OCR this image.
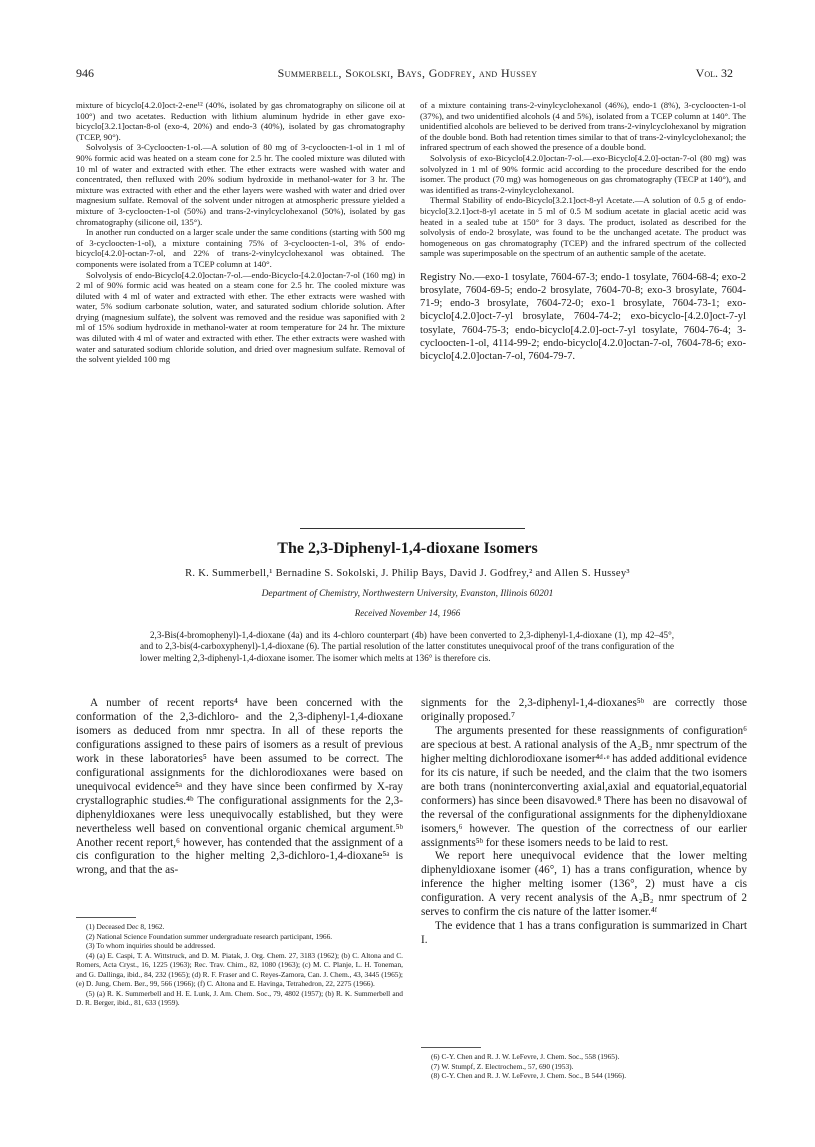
946	Summerbell, Sokolski, Bays, Godfrey, and Hussey	Vol. 32

mixture of bicyclo[4.2.0]oct-2-ene¹² (40%, isolated by gas chromatography on silicone oil at 100°) and two acetates. Reduction with lithium aluminum hydride in ether gave exo-bicyclo[3.2.1]octan-8-ol (exo-4, 20%) and endo-3 (40%), isolated by gas chromatography (TCEP, 90°).

Solvolysis of 3-Cycloocten-1-ol.—A solution of 80 mg of 3-cycloocten-1-ol in 1 ml of 90% formic acid was heated on a steam cone for 2.5 hr. The cooled mixture was diluted with 10 ml of water and extracted with ether. The ether extracts were washed with water and concentrated, then refluxed with 20% sodium hydroxide in methanol-water for 3 hr. The mixture was extracted with ether and the ether layers were washed with water and dried over magnesium sulfate. Removal of the solvent under nitrogen at atmospheric pressure yielded a mixture of 3-cycloocten-1-ol (50%) and trans-2-vinylcyclohexanol (50%), isolated by gas chromatography (silicone oil, 135°).

In another run conducted on a larger scale under the same conditions (starting with 500 mg of 3-cycloocten-1-ol), a mixture containing 75% of 3-cycloocten-1-ol, 3% of endo-bicyclo[4.2.0]-octan-7-ol, and 22% of trans-2-vinylcyclohexanol was obtained. The components were isolated from a TCEP column at 140°.

Solvolysis of endo-Bicyclo[4.2.0]octan-7-ol.—endo-Bicyclo-[4.2.0]octan-7-ol (160 mg) in 2 ml of 90% formic acid was heated on a steam cone for 2.5 hr. The cooled mixture was diluted with 4 ml of water and extracted with ether. The ether extracts were washed with water, 5% sodium carbonate solution, water, and saturated sodium chloride solution. After drying (magnesium sulfate), the solvent was removed and the residue was saponified with 2 ml of 15% sodium hydroxide in methanol-water at room temperature for 24 hr. The mixture was diluted with 4 ml of water and extracted with ether. The ether extracts were washed with water and saturated sodium chloride solution, and dried over magnesium sulfate. Removal of the solvent yielded 100 mg

of a mixture containing trans-2-vinylcyclohexanol (46%), endo-1 (8%), 3-cycloocten-1-ol (37%), and two unidentified alcohols (4 and 5%), isolated from a TCEP column at 140°. The unidentified alcohols are believed to be derived from trans-2-vinylcyclohexanol by migration of the double bond. Both had retention times similar to that of trans-2-vinylcyclohexanol; the infrared spectrum of each showed the presence of a double bond.

Solvolysis of exo-Bicyclo[4.2.0]octan-7-ol.—exo-Bicyclo[4.2.0]-octan-7-ol (80 mg) was solvolyzed in 1 ml of 90% formic acid according to the procedure described for the endo isomer. The product (70 mg) was homogeneous on gas chromatography (TECP at 140°), and was identified as trans-2-vinylcyclohexanol.

Thermal Stability of endo-Bicyclo[3.2.1]oct-8-yl Acetate.—A solution of 0.5 g of endo-bicyclo[3.2.1]oct-8-yl acetate in 5 ml of 0.5 M sodium acetate in glacial acetic acid was heated in a sealed tube at 150° for 3 days. The product, isolated as described for the solvolysis of endo-2 brosylate, was found to be the unchanged acetate. The product was homogeneous on gas chromatography (TCEP) and the infrared spectrum of the collected sample was superimposable on the spectrum of an authentic sample of the acetate.

Registry No.—exo-1 tosylate, 7604-67-3; endo-1 tosylate, 7604-68-4; exo-2 brosylate, 7604-69-5; endo-2 brosylate, 7604-70-8; exo-3 brosylate, 7604-71-9; endo-3 brosylate, 7604-72-0; exo-1 brosylate, 7604-73-1; exo-bicyclo[4.2.0]oct-7-yl brosylate, 7604-74-2; exo-bicyclo-[4.2.0]oct-7-yl tosylate, 7604-75-3; endo-bicyclo[4.2.0]-oct-7-yl tosylate, 7604-76-4; 3-cycloocten-1-ol, 4114-99-2; endo-bicyclo[4.2.0]octan-7-ol, 7604-78-6; exo-bicyclo[4.2.0]octan-7-ol, 7604-79-7.

The 2,3-Diphenyl-1,4-dioxane Isomers
R. K. Summerbell,¹ Bernadine S. Sokolski, J. Philip Bays, David J. Godfrey,² and Allen S. Hussey³
Department of Chemistry, Northwestern University, Evanston, Illinois 60201
Received November 14, 1966
2,3-Bis(4-bromophenyl)-1,4-dioxane (4a) and its 4-chloro counterpart (4b) have been converted to 2,3-diphenyl-1,4-dioxane (1), mp 42–45°, and to 2,3-bis(4-carboxyphenyl)-1,4-dioxane (6). The partial resolution of the latter constitutes unequivocal proof of the trans configuration of the lower melting 2,3-diphenyl-1,4-dioxane isomer. The isomer which melts at 136° is therefore cis.

A number of recent reports⁴ have been concerned with the conformation of the 2,3-dichloro- and the 2,3-diphenyl-1,4-dioxane isomers as deduced from nmr spectra. In all of these reports the configurations assigned to these pairs of isomers as a result of previous work in these laboratories⁵ have been assumed to be correct. The configurational assignments for the dichlorodioxanes were based on unequivocal evidence⁵ᵃ and they have since been confirmed by X-ray crystallographic studies.⁴ᵇ The configurational assignments for the 2,3-diphenyldioxanes were less unequivocally established, but they were nevertheless well based on conventional organic chemical argument.⁵ᵇ Another recent report,⁶ however, has contended that the assignment of a cis configuration to the higher melting 2,3-dichloro-1,4-dioxane⁵ᵃ is wrong, and that the as-

signments for the 2,3-diphenyl-1,4-dioxanes⁵ᵇ are correctly those originally proposed.⁷

The arguments presented for these reassignments of configuration⁶ are specious at best. A rational analysis of the A₂B₂ nmr spectrum of the higher melting dichlorodioxane isomer⁴ᵈ·ᵉ has added additional evidence for its cis nature, if such be needed, and the claim that the two isomers are both trans (noninterconverting axial,axial and equatorial,equatorial conformers) has since been disavowed.⁸ There has been no disavowal of the reversal of the configurational assignments for the diphenyldioxane isomers,⁶ however. The question of the correctness of our earlier assignments⁵ᵇ for these isomers needs to be laid to rest.

We report here unequivocal evidence that the lower melting diphenyldioxane isomer (46°, 1) has a trans configuration, whence by inference the higher melting isomer (136°, 2) must have a cis configuration. A very recent analysis of the A₂B₂ nmr spectrum of 2 serves to confirm the cis nature of the latter isomer.⁴ᶠ

The evidence that 1 has a trans configuration is summarized in Chart I.

(1) Deceased Dec 8, 1962.

(2) National Science Foundation summer undergraduate research participant, 1966.

(3) To whom inquiries should be addressed.

(4) (a) E. Caspi, T. A. Wittstruck, and D. M. Piatak, J. Org. Chem. 27, 3183 (1962); (b) C. Altona and C. Romers, Acta Cryst., 16, 1225 (1963); Rec. Trav. Chim., 82, 1080 (1963); (c) M. C. Planje, L. H. Toneman, and G. Dallinga, ibid., 84, 232 (1965); (d) R. F. Fraser and C. Reyes-Zamora, Can. J. Chem., 43, 3445 (1965); (e) D. Jung, Chem. Ber., 99, 566 (1966); (f) C. Altona and E. Havinga, Tetrahedron, 22, 2275 (1966).

(5) (a) R. K. Summerbell and H. E. Lunk, J. Am. Chem. Soc., 79, 4802 (1957); (b) R. K. Summerbell and D. R. Berger, ibid., 81, 633 (1959).

(6) C-Y. Chen and R. J. W. LeFevre, J. Chem. Soc., 558 (1965).

(7) W. Stumpf, Z. Electrochem., 57, 690 (1953).

(8) C-Y. Chen and R. J. W. LeFevre, J. Chem. Soc., B 544 (1966).
